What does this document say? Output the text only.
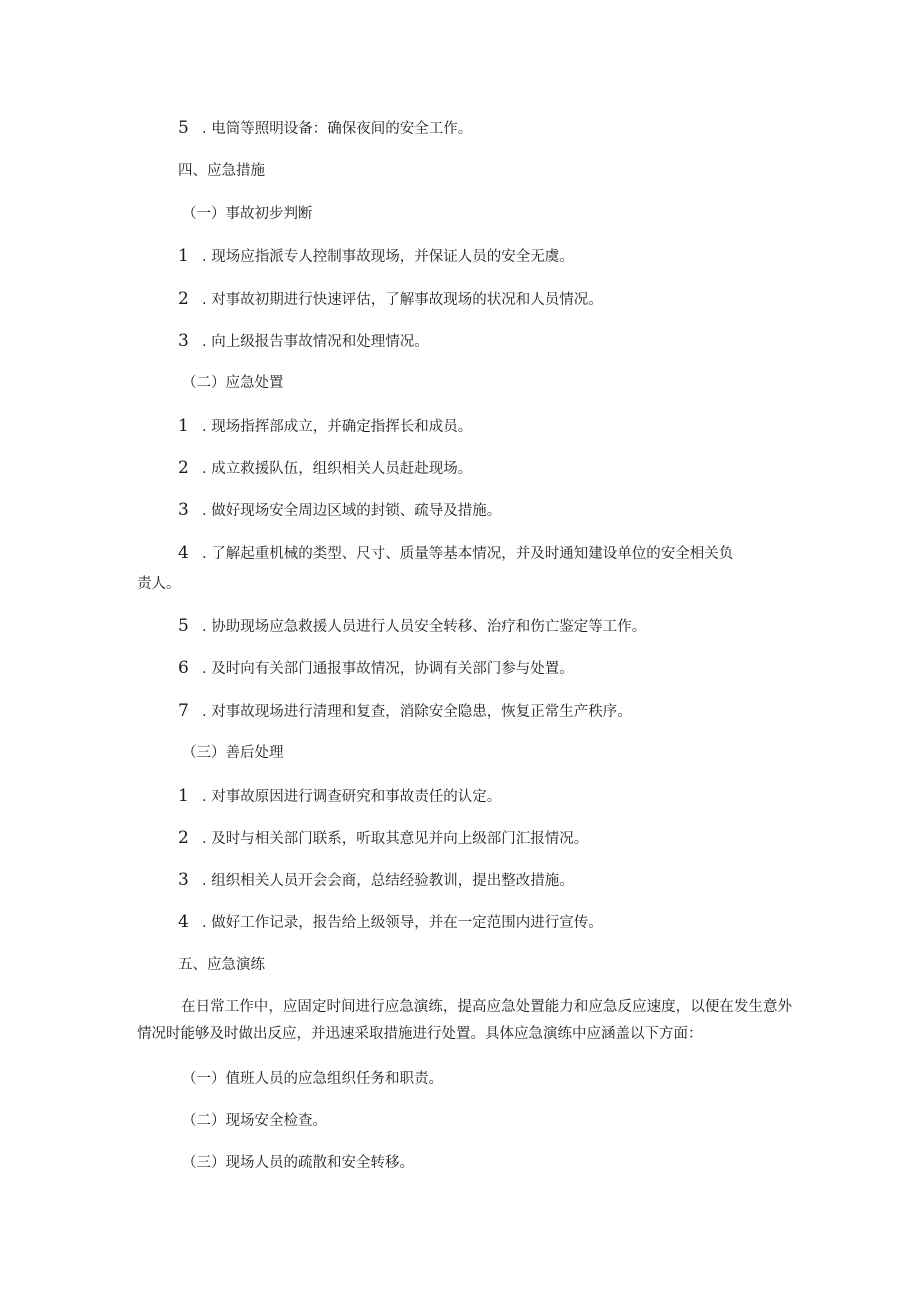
5 . 电筒等照明设备：确保夜间的安全工作。
四、应急措施
（一）事故初步判断
1 . 现场应指派专人控制事故现场，并保证人员的安全无虞。
2 . 对事故初期进行快速评估，了解事故现场的状况和人员情况。
3 . 向上级报告事故情况和处理情况。
（二）应急处置
1 . 现场指挥部成立，并确定指挥长和成员。
2 . 成立救援队伍，组织相关人员赶赴现场。
3 . 做好现场安全周边区域的封锁、疏导及措施。
4 . 了解起重机械的类型、尺寸、质量等基本情况，并及时通知建设单位的安全相关负
责人。
5 . 协助现场应急救援人员进行人员安全转移、治疗和伤亡鉴定等工作。
6 . 及时向有关部门通报事故情况，协调有关部门参与处置。
7 . 对事故现场进行清理和复查，消除安全隐患，恢复正常生产秩序。
（三）善后处理
1 . 对事故原因进行调查研究和事故责任的认定。
2 . 及时与相关部门联系，听取其意见并向上级部门汇报情况。
3 . 组织相关人员开会会商，总结经验教训，提出整改措施。
4 . 做好工作记录，报告给上级领导，并在一定范围内进行宣传。
五、应急演练
在日常工作中，应固定时间进行应急演练，提高应急处置能力和应急反应速度，以便在发生意外情况时能够及时做出反应，并迅速采取措施进行处置。具体应急演练中应涵盖以下方面：
（一）值班人员的应急组织任务和职责。
（二）现场安全检查。
（三）现场人员的疏散和安全转移。
